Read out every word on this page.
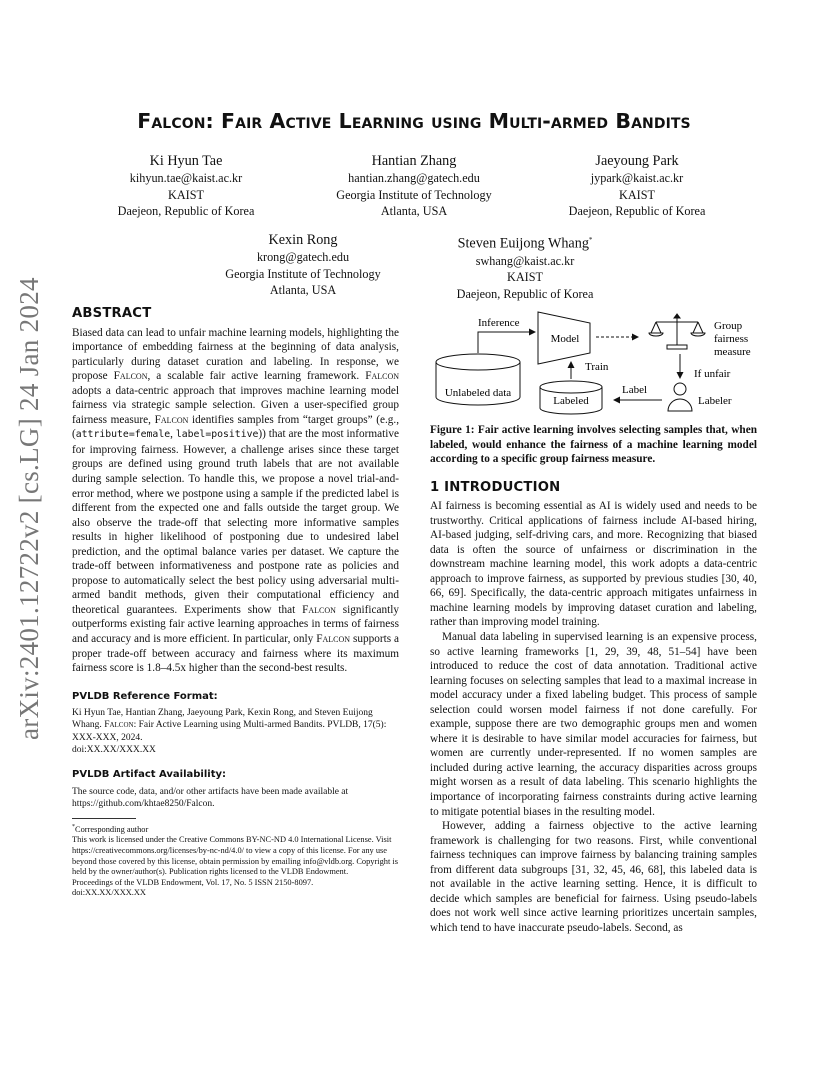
arXiv:2401.12722v2 [cs.LG] 24 Jan 2024
Falcon: Fair Active Learning using Multi-armed Bandits
Ki Hyun Tae
kihyun.tae@kaist.ac.kr
KAIST
Daejeon, Republic of Korea
Hantian Zhang
hantian.zhang@gatech.edu
Georgia Institute of Technology
Atlanta, USA
Jaeyoung Park
jypark@kaist.ac.kr
KAIST
Daejeon, Republic of Korea
Kexin Rong
krong@gatech.edu
Georgia Institute of Technology
Atlanta, USA
Steven Euijong Whang*
swhang@kaist.ac.kr
KAIST
Daejeon, Republic of Korea
ABSTRACT

Biased data can lead to unfair machine learning models, highlighting the importance of embedding fairness at the beginning of data analysis, particularly during dataset curation and labeling. In response, we propose Falcon, a scalable fair active learning framework. Falcon adopts a data-centric approach that improves machine learning model fairness via strategic sample selection. Given a user-specified group fairness measure, Falcon identifies samples from “target groups” (e.g., (attribute=female, label=positive)) that are the most informative for improving fairness. However, a challenge arises since these target groups are defined using ground truth labels that are not available during sample selection. To handle this, we propose a novel trial-and-error method, where we postpone using a sample if the predicted label is different from the expected one and falls outside the target group. We also observe the trade-off that selecting more informative samples results in higher likelihood of postponing due to undesired label prediction, and the optimal balance varies per dataset. We capture the trade-off between informativeness and postpone rate as policies and propose to automatically select the best policy using adversarial multi-armed bandit methods, given their computational efficiency and theoretical guarantees. Experiments show that Falcon significantly outperforms existing fair active learning approaches in terms of fairness and accuracy and is more efficient. In particular, only Falcon supports a proper trade-off between accuracy and fairness where its maximum fairness score is 1.8–4.5x higher than the second-best results.

PVLDB Reference Format:

Ki Hyun Tae, Hantian Zhang, Jaeyoung Park, Kexin Rong, and Steven Euijong Whang. Falcon: Fair Active Learning using Multi-armed Bandits. PVLDB, 17(5): XXX-XXX, 2024.

doi:XX.XX/XXX.XX

PVLDB Artifact Availability:

The source code, data, and/or other artifacts have been made available at https://github.com/khtae8250/Falcon.

*Corresponding author

This work is licensed under the Creative Commons BY-NC-ND 4.0 International License. Visit https://creativecommons.org/licenses/by-nc-nd/4.0/ to view a copy of this license. For any use beyond those covered by this license, obtain permission by emailing info@vldb.org. Copyright is held by the owner/author(s). Publication rights licensed to the VLDB Endowment.

Proceedings of the VLDB Endowment, Vol. 17, No. 5 ISSN 2150-8097.

doi:XX.XX/XXX.XX

Unlabeled data
Inference
Model
Group
fairness
measure
If unfair
Labeler
Label
Labeled
Train

Figure 1: Fair active learning involves selecting samples that, when labeled, would enhance the fairness of a machine learning model according to a specific group fairness measure.

1 INTRODUCTION

AI fairness is becoming essential as AI is widely used and needs to be trustworthy. Critical applications of fairness include AI-based hiring, AI-based judging, self-driving cars, and more. Recognizing that biased data is often the source of unfairness or discrimination in the downstream machine learning model, this work adopts a data-centric approach to improve fairness, as supported by previous studies [30, 40, 66, 69]. Specifically, the data-centric approach mitigates unfairness in machine learning models by improving dataset curation and labeling, rather than improving model training.

Manual data labeling in supervised learning is an expensive process, so active learning frameworks [1, 29, 39, 48, 51–54] have been introduced to reduce the cost of data annotation. Traditional active learning focuses on selecting samples that lead to a maximal increase in model accuracy under a fixed labeling budget. This process of sample selection could worsen model fairness if not done carefully. For example, suppose there are two demographic groups men and women where it is desirable to have similar model accuracies for fairness, but women are currently under-represented. If no women samples are included during active learning, the accuracy disparities across groups might worsen as a result of data labeling. This scenario highlights the importance of incorporating fairness constraints during active learning to mitigate potential biases in the resulting model.

However, adding a fairness objective to the active learning framework is challenging for two reasons. First, while conventional fairness techniques can improve fairness by balancing training samples from different data subgroups [31, 32, 45, 46, 68], this labeled data is not available in the active learning setting. Hence, it is difficult to decide which samples are beneficial for fairness. Using pseudo-labels does not work well since active learning prioritizes uncertain samples, which tend to have inaccurate pseudo-labels. Second, as
